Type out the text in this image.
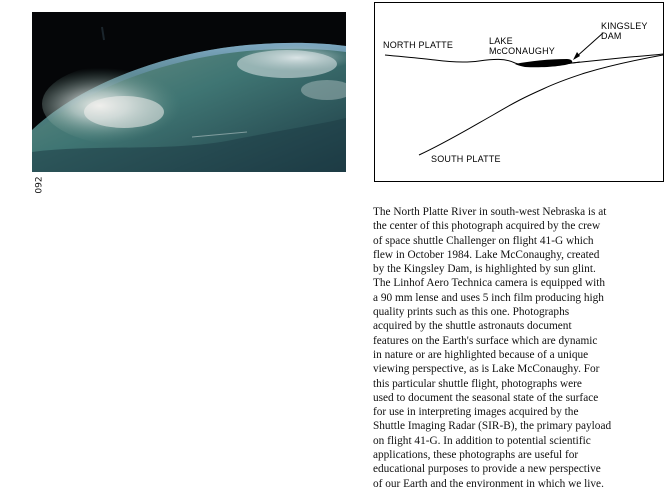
092
NORTH PLATTE	LAKE
McCONAUGHY
KINGSLEY
DAM
SOUTH PLATTE
The North Platte River in south-west Nebraska is at
the center of this photograph acquired by the crew
of space shuttle Challenger on flight 41-G which
flew in October 1984. Lake McConaughy, created
by the Kingsley Dam, is highlighted by sun glint.
The Linhof Aero Technica camera is equipped with
a 90 mm lense and uses 5 inch film producing high
quality prints such as this one. Photographs
acquired by the shuttle astronauts document
features on the Earth's surface which are dynamic
in nature or are highlighted because of a unique
viewing perspective, as is Lake McConaughy. For
this particular shuttle flight, photographs were
used to document the seasonal state of the surface
for use in interpreting images acquired by the
Shuttle Imaging Radar (SIR-B), the primary payload
on flight 41-G. In addition to potential scientific
applications, these photographs are useful for
educational purposes to provide a new perspective
of our Earth and the environment in which we live.
